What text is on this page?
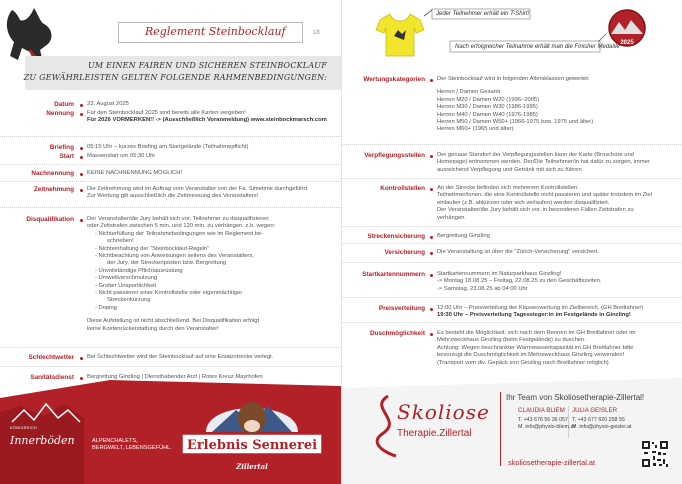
Reglement Steinbocklauf	18
UM EINEN FAIREN UND SICHEREN STEINBOCKLAUF
ZU GEWÄHRLEISTEN GELTEN FOLGENDE RAHMENBEDINGUNGEN:
Datum 23. August 2025
Nennung Für den Steinbocklauf 2025 sind bereits alle Karten vergeben!
Für 2026 VORMERKEN!! -> (Ausschließlich Voranmeldung) www.steinbockmarsch.com
Briefing 05:15 Uhr – kurzes Briefing am Startgelände (Teilnahmepflicht)
Start Massenstart um 05:30 Uhr
Nachnennung KEINE NACHNENNUNG MÖGLICH!
Zeitnehmung Die Zeitnehmung wird im Auftrag vom Veranstalter von der Fa. Simetime durchgeführt.
Zur Wertung gilt ausschließlich die Zeitmessung des Veranstalters!
Disqualifikation Der Veranstalter/die Jury behält sich vor, Teilnehmer zu disqualifizieren
oder Zeitstrafen zwischen 5 min. und 120 min. zu verhängen, z.b. wegen:
- Nichterfüllung der Teilnahmebedingungen wie im Reglement be-
schrieben!
- Nichteinhaltung der "Steinbocklauf-Regeln"
- Nichtbeachtung von Anweisungen seitens des Veranstalters,
der Jury, der Streckenposten bzw. Bergrettung
- Unvollständige Pflichtausrüstung
- Umweltverschmutzung
- Grober Unsportlichkeit
- Nicht passieren einer Kontrollstelle oder eigenmächtiger
Streckenkürzung
- Doping
Diese Aufstellung ist nicht abschließend. Bei Disqualifikation erfolgt
keine Kostenrückerstattung durch den Veranstalter!
Schlechtwetter Bei Schlechtwetter wird der Steinbocklauf auf eine Ersatzstrecke verlegt.
Sanitätsdienst Bergrettung Ginzling | Diensthabender Arzt | Rotes Kreuz Mayrhofen
KÖNIGREICH
Innerböden	ALPENCHALETS,
BERGWELT, LEBENSGEFÜHL.	Erlebnis Sennerei
Zillertal
Jeder Teilnehmer erhält ein T-Shirt!
2025
Nach erfolgreicher Teilnahme erhält man die Finisher Medaille
Wertungskategorien Der Steinbocklauf wird in folgenden Altersklassen gewertet:
Herren / Damen Gesamt
Herren M20 / Damen W20 (1996–2005)
Herren M30 / Damen W30 (1986-1995)
Herren M40 / Damen W40 (1976-1985)
Herren M50 / Damen W50+ (1966-1975 bzw. 1975 und älter)
Herren M60+ (1965 und älter)
Verpflegungsstellen Der genaue Standort der Verpflegungsstellen kann der Karte (Broschüre und
Homepage) entnommen werden. Der/Die Teilnehmer/in hat dafür zu sorgen, immer
ausreichend Verpflegung und Getränk mit sich zu führen.
Kontrollstellen An der Strecke befinden sich mehrerem Kontrollstellen.
Teilnehmer/innen, die eine Kontrollstelle nicht passieren und später trotzdem im Ziel
einlaufen (z.B. abkürzen oder sich verlaufen) werden disqualifiziert.
Der Veranstalter/die Jury behält sich vor, in besonderen Fällen Zeitstrafen zu
verhängen.
Streckensicherung Bergrettung Ginzling
Versicherung Die Veranstaltung ist über die "Zürich-Versicherung" versichert.
Startkartennummern Startkartennummern im Naturparkhaus Ginzling!
-> Montag 18.08.25 – Freitag, 22.08.25 zu den Geschäftszeiten.
-> Samstag, 23.08.25 ab 04:00 Uhr
Preisverteilung 12:00 Uhr – Preisverteilung der Klassenwertung im Zielbereich. (GH Breitlahner)
19:30 Uhr – Preisverteilung Tagessieger:in im Festgelände in Ginzling!
Duschmöglichkeit Es besteht die Möglichkeit, sich nach dem Rennen im GH Breitlahner oder im
Mehrzweckhaus Ginzling (beim Festgelände) zu duschen.
Achtung: Wegen beschränkter Warmwasserkapazität im GH Breitlahner bitte
bevorzugt die Duschmöglichkeit im Mehrzweckhaus Ginzling verwenden!
(Transport vom div. Gepäck von Ginzling nach Breitlahner möglich)
Skoliose
Therapie.Zillertal
Ihr Team von Skoliosetherapie-Zillertal!
CLAUDIA BLIEM JULIA GEISLER
T. +43 676 56 36 057
M. info@physio-bliem.at
T. +43 677 620 258 55
M. info@physio-geisler.at
skoliosetherapie-zillertal.at
